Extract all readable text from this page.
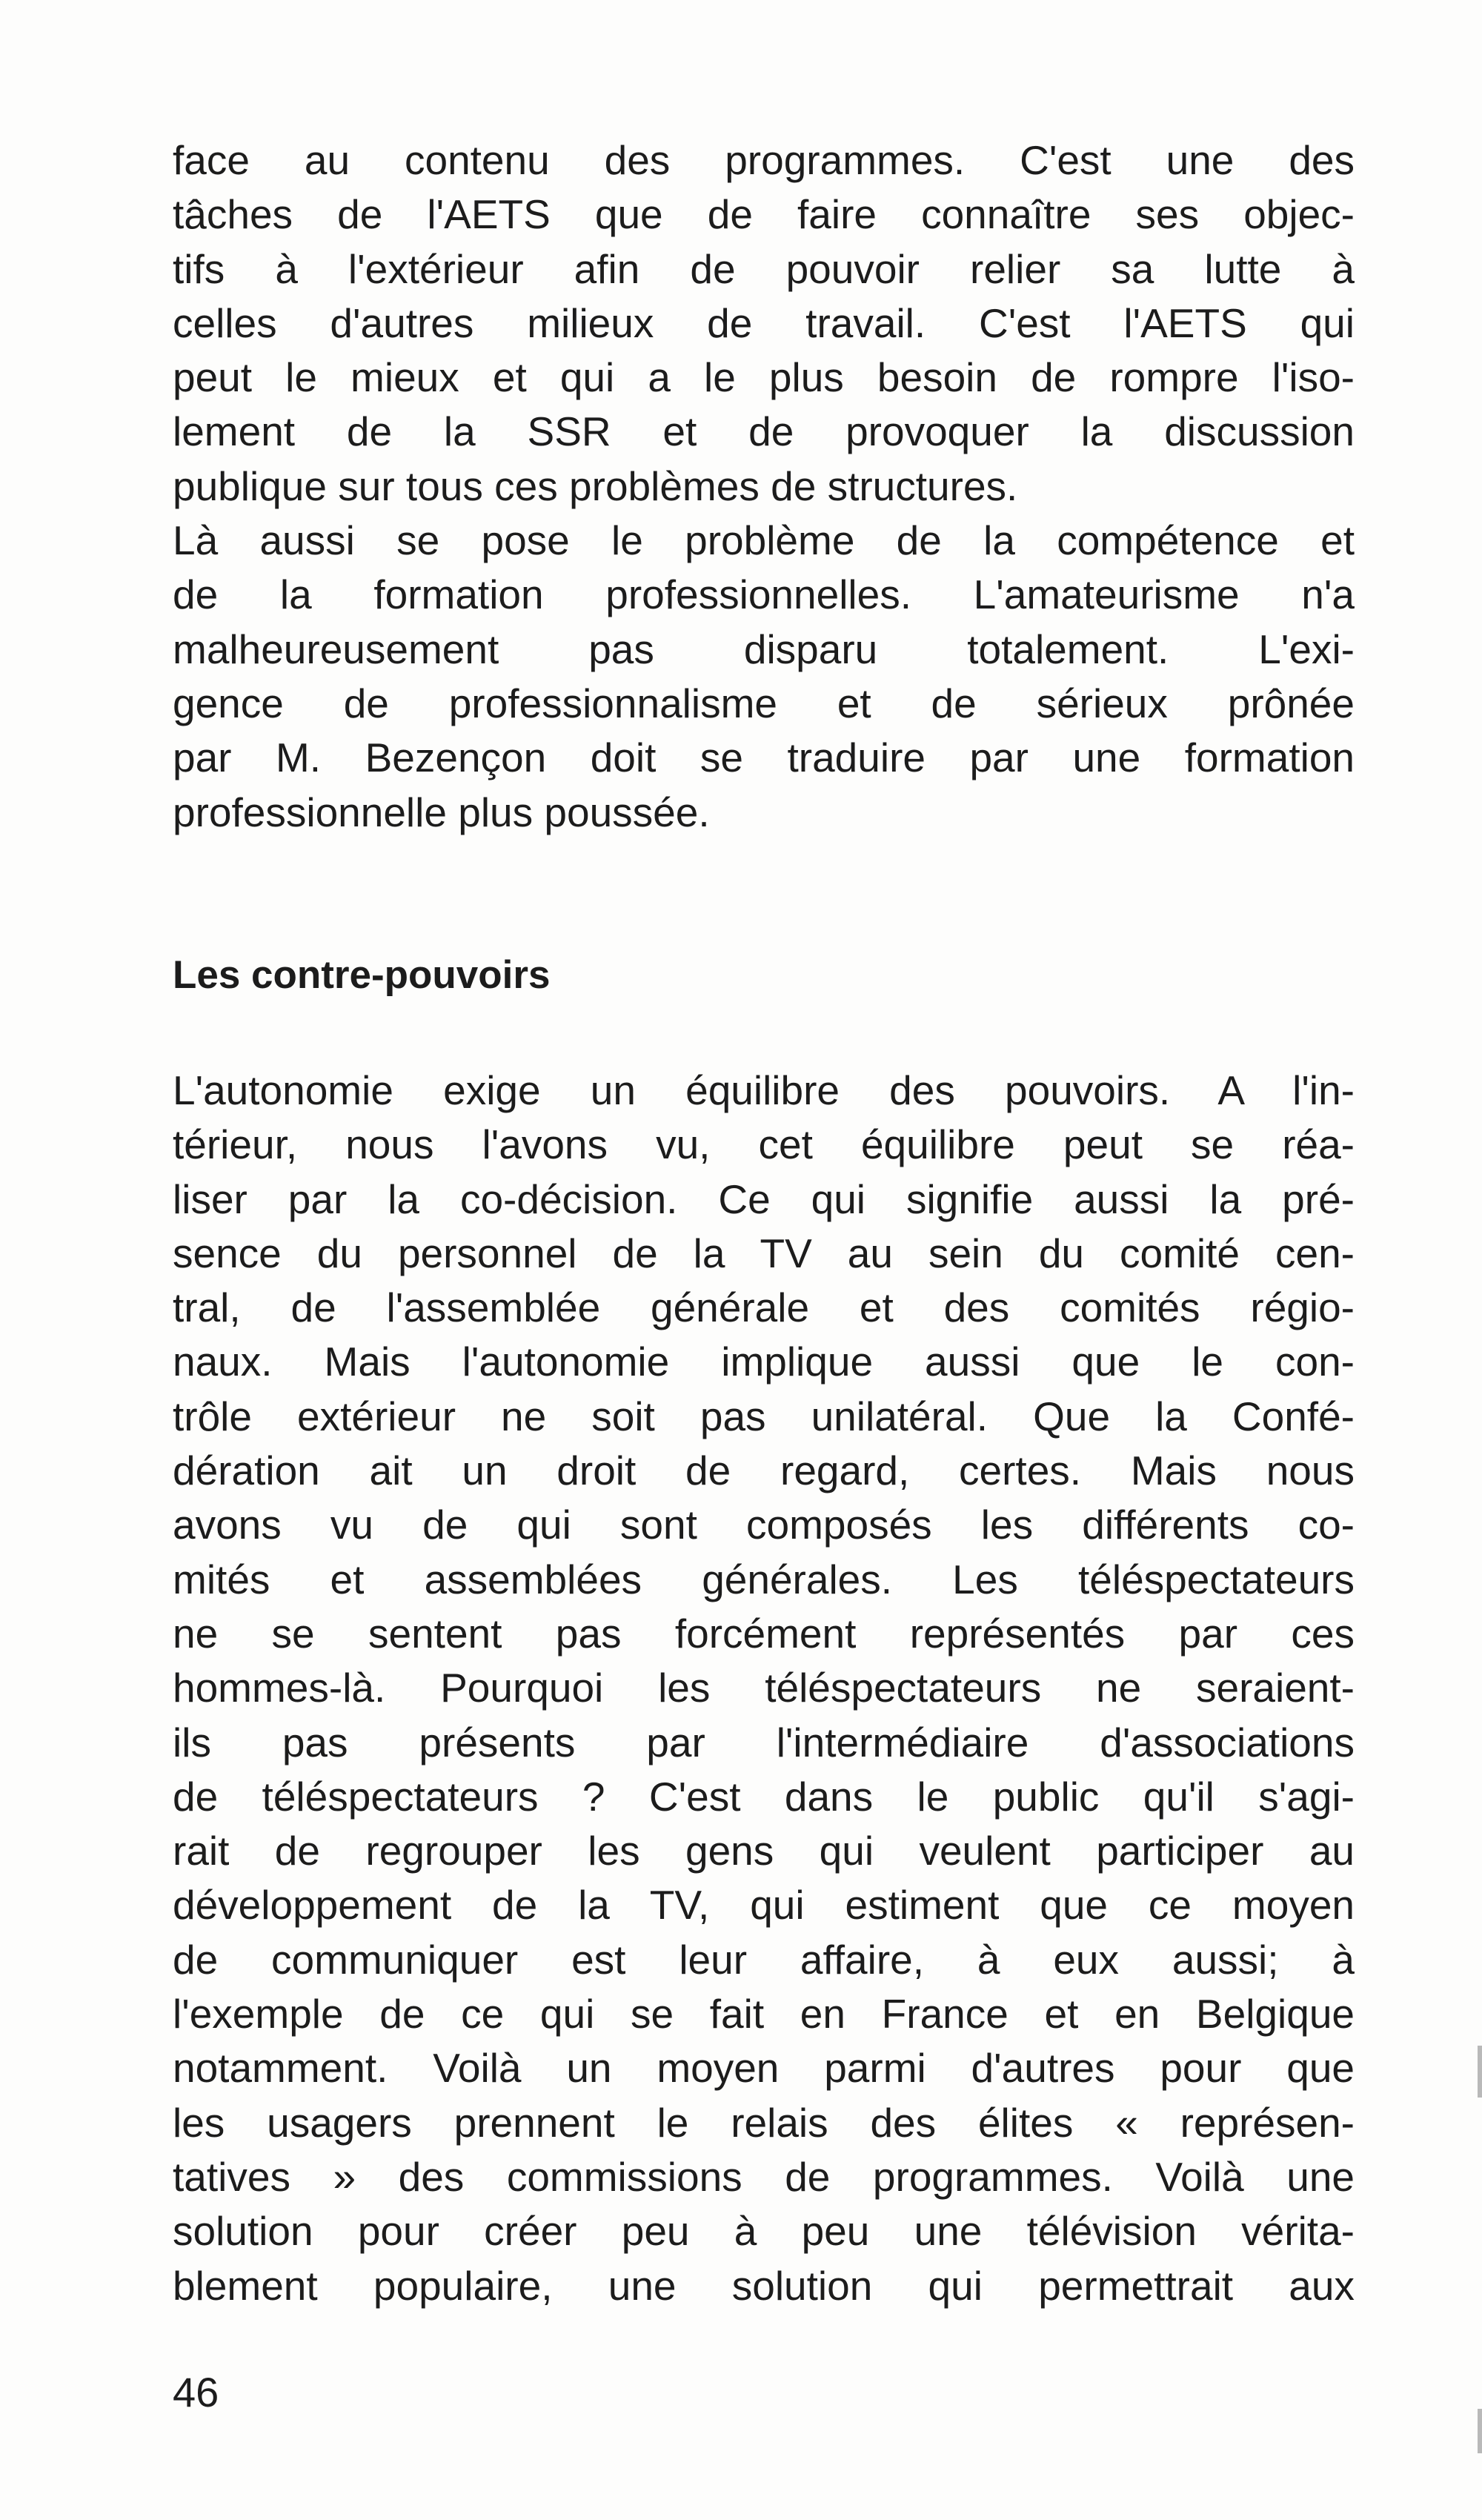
face au contenu des programmes. C'est une des
tâches de l'AETS que de faire connaître ses objec-
tifs à l'extérieur afin de pouvoir relier sa lutte à
celles d'autres milieux de travail. C'est l'AETS qui
peut le mieux et qui a le plus besoin de rompre l'iso-
lement de la SSR et de provoquer la discussion
publique sur tous ces problèmes de structures.
Là aussi se pose le problème de la compétence et
de la formation professionnelles. L'amateurisme n'a
malheureusement pas disparu totalement. L'exi-
gence de professionnalisme et de sérieux prônée
par M. Bezençon doit se traduire par une formation
professionnelle plus poussée.
Les contre-pouvoirs
L'autonomie exige un équilibre des pouvoirs. A l'in-
térieur, nous l'avons vu, cet équilibre peut se réa-
liser par la co-décision. Ce qui signifie aussi la pré-
sence du personnel de la TV au sein du comité cen-
tral, de l'assemblée générale et des comités régio-
naux. Mais l'autonomie implique aussi que le con-
trôle extérieur ne soit pas unilatéral. Que la Confé-
dération ait un droit de regard, certes. Mais nous
avons vu de qui sont composés les différents co-
mités et assemblées générales. Les téléspectateurs
ne se sentent pas forcément représentés par ces
hommes-là. Pourquoi les téléspectateurs ne seraient-
ils pas présents par l'intermédiaire d'associations
de téléspectateurs ? C'est dans le public qu'il s'agi-
rait de regrouper les gens qui veulent participer au
développement de la TV, qui estiment que ce moyen
de communiquer est leur affaire, à eux aussi; à
l'exemple de ce qui se fait en France et en Belgique
notamment. Voilà un moyen parmi d'autres pour que
les usagers prennent le relais des élites « représen-
tatives » des commissions de programmes. Voilà une
solution pour créer peu à peu une télévision vérita-
blement populaire, une solution qui permettrait aux
46
